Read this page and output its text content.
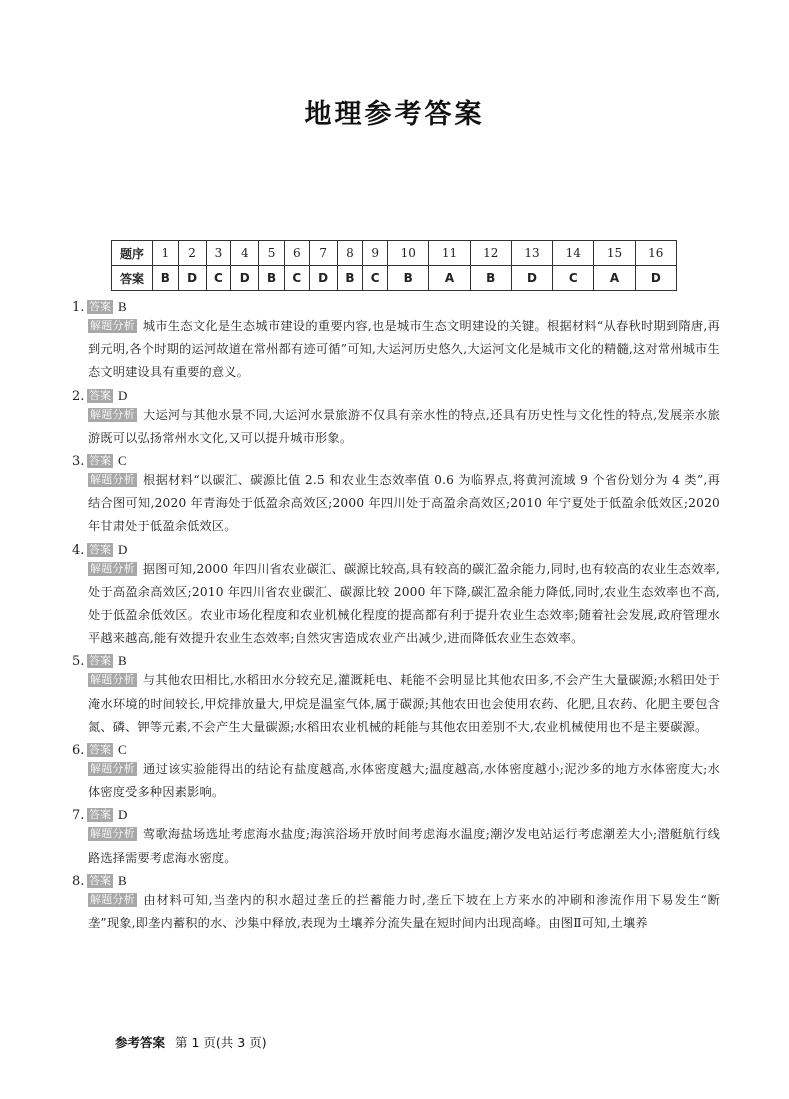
地理参考答案
题序	1	2	3	4	5	6	7	8	9	10	11	12	13	14	15	16
答案	B	D	C	D	B	C	D	B	C	B	A	B	D	C	A	D
1. 答案 B
解题分析 城市生态文化是生态城市建设的重要内容,也是城市生态文明建设的关键。根据材料“从春秋时期到隋唐,再到元明,各个时期的运河故道在常州都有迹可循”可知,大运河历史悠久,大运河文化是城市文化的精髓,这对常州城市生态文明建设具有重要的意义。
2. 答案 D
解题分析 大运河与其他水景不同,大运河水景旅游不仅具有亲水性的特点,还具有历史性与文化性的特点,发展亲水旅游既可以弘扬常州水文化,又可以提升城市形象。
3. 答案 C
解题分析 根据材料“以碳汇、碳源比值 2.5 和农业生态效率值 0.6 为临界点,将黄河流域 9 个省份划分为 4 类”,再结合图可知,2020 年青海处于低盈余高效区;2000 年四川处于高盈余高效区;2010 年宁夏处于低盈余低效区;2020 年甘肃处于低盈余低效区。
4. 答案 D
解题分析 据图可知,2000 年四川省农业碳汇、碳源比较高,具有较高的碳汇盈余能力,同时,也有较高的农业生态效率,处于高盈余高效区;2010 年四川省农业碳汇、碳源比较 2000 年下降,碳汇盈余能力降低,同时,农业生态效率也不高,处于低盈余低效区。农业市场化程度和农业机械化程度的提高都有利于提升农业生态效率;随着社会发展,政府管理水平越来越高,能有效提升农业生态效率;自然灾害造成农业产出减少,进而降低农业生态效率。
5. 答案 B
解题分析 与其他农田相比,水稻田水分较充足,灌溉耗电、耗能不会明显比其他农田多,不会产生大量碳源;水稻田处于淹水环境的时间较长,甲烷排放量大,甲烷是温室气体,属于碳源;其他农田也会使用农药、化肥,且农药、化肥主要包含氮、磷、钾等元素,不会产生大量碳源;水稻田农业机械的耗能与其他农田差别不大,农业机械使用也不是主要碳源。
6. 答案 C
解题分析 通过该实验能得出的结论有盐度越高,水体密度越大;温度越高,水体密度越小;泥沙多的地方水体密度大;水体密度受多种因素影响。
7. 答案 D
解题分析 莺歌海盐场选址考虑海水盐度;海滨浴场开放时间考虑海水温度;潮汐发电站运行考虑潮差大小;潜艇航行线路选择需要考虑海水密度。
8. 答案 B
解题分析 由材料可知,当垄内的积水超过垄丘的拦蓄能力时,垄丘下坡在上方来水的冲刷和渗流作用下易发生“断垄”现象,即垄内蓄积的水、沙集中释放,表现为土壤养分流失量在短时间内出现高峰。由图Ⅱ可知,土壤养
参考答案 第 1 页(共 3 页)
